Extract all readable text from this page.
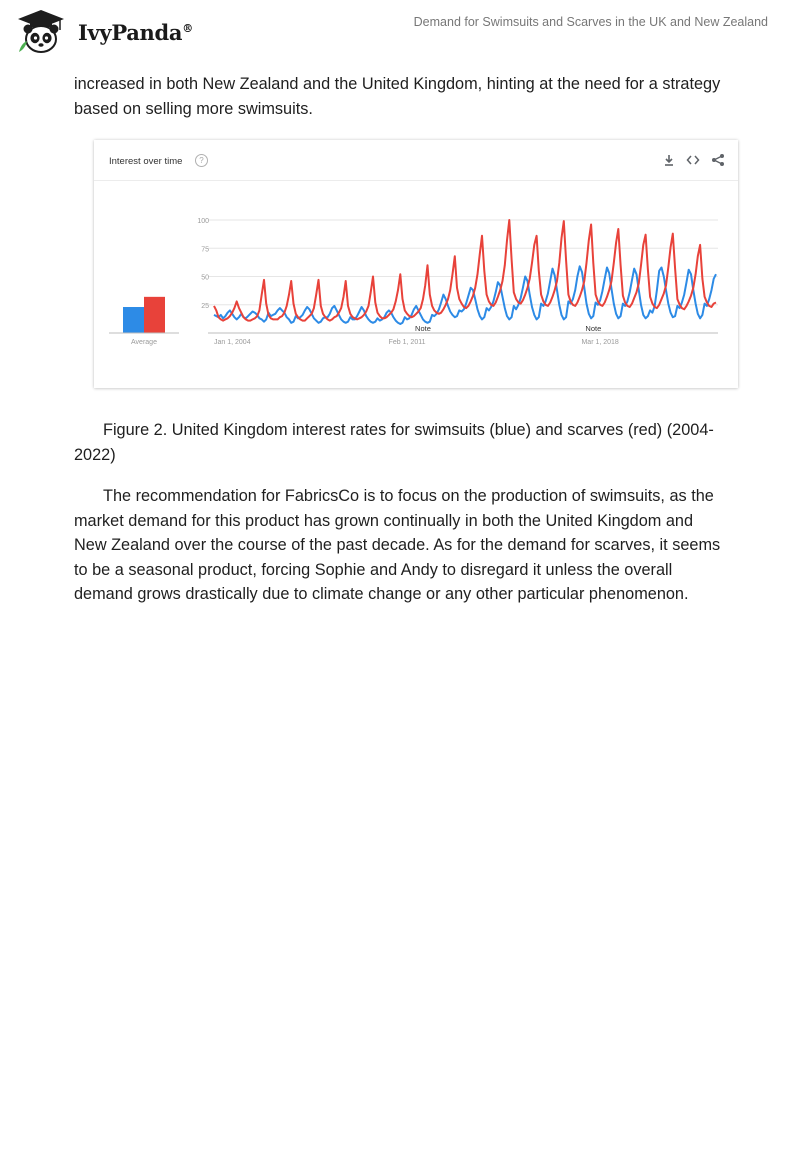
IvyPanda®	Demand for Swimsuits and Scarves in the UK and New Zealand

increased in both New Zealand and the United Kingdom, hinting at the need for a strategy based on selling more swimsuits.

Interest over time	?
100
75
50
25
Jan 1, 2004	Feb 1, 2011	Mar 1, 2018
Note	Note
Average

Figure 2. United Kingdom interest rates for swimsuits (blue) and scarves (red) (2004-2022)

The recommendation for FabricsCo is to focus on the production of swimsuits, as the market demand for this product has grown continually in both the United Kingdom and New Zealand over the course of the past decade. As for the demand for scarves, it seems to be a seasonal product, forcing Sophie and Andy to disregard it unless the overall demand grows drastically due to climate change or any other particular phenomenon.
